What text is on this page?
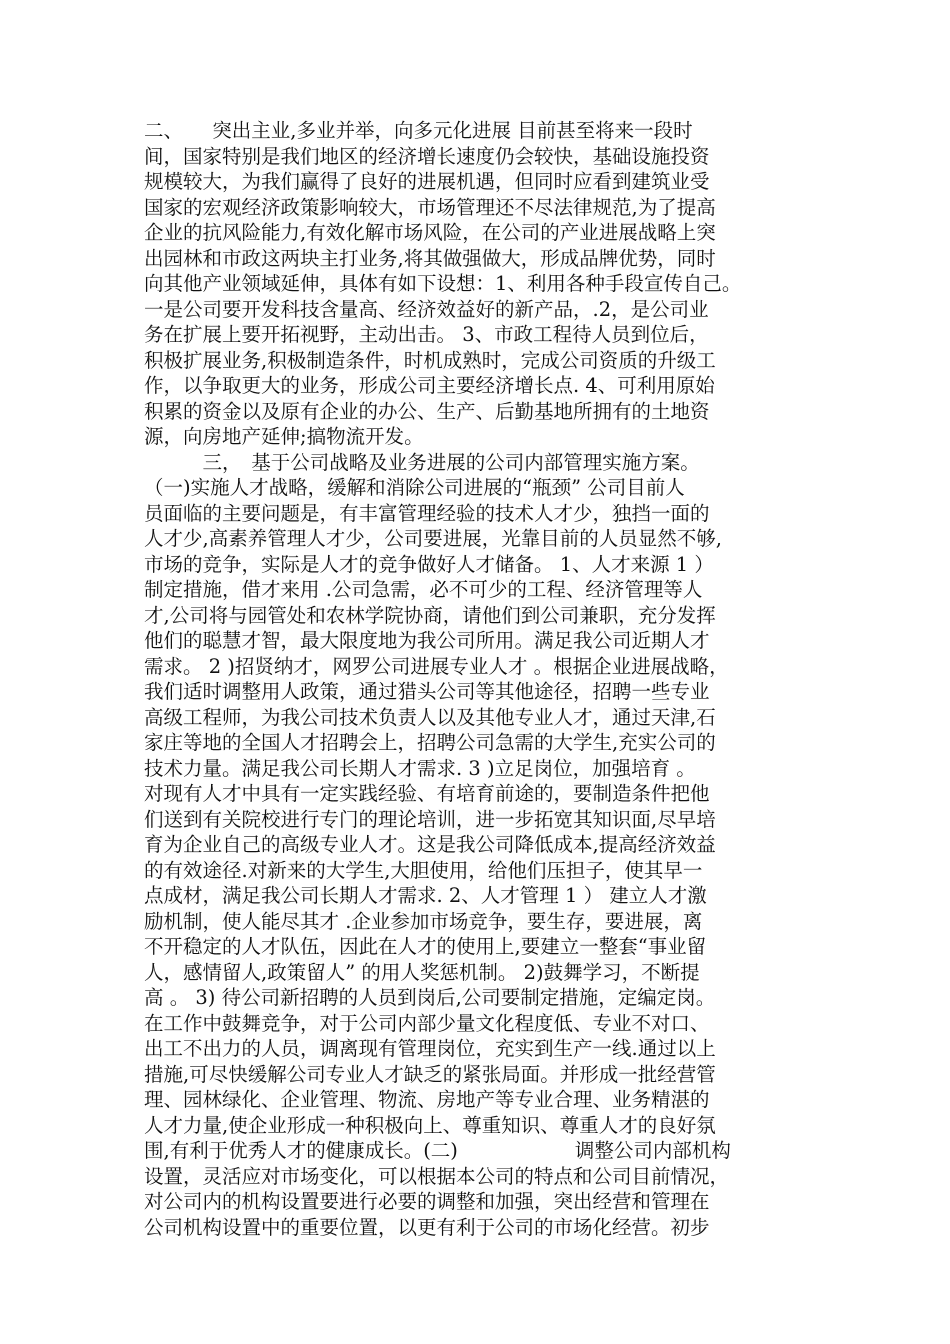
二、　　突出主业,多业并举，向多元化进展 目前甚至将来一段时
间，国家特别是我们地区的经济增长速度仍会较快，基础设施投资
规模较大，为我们赢得了良好的进展机遇，但同时应看到建筑业受
国家的宏观经济政策影响较大，市场管理还不尽法律规范,为了提高
企业的抗风险能力,有效化解市场风险，在公司的产业进展战略上突
出园林和市政这两块主打业务,将其做强做大，形成品牌优势，同时
向其他产业领域延伸，具体有如下设想：1、利用各种手段宣传自己。
一是公司要开发科技含量高、经济效益好的新产品，.2，是公司业
务在扩展上要开拓视野，主动出击。 3、市政工程待人员到位后，
积极扩展业务,积极制造条件，时机成熟时，完成公司资质的升级工
作，以争取更大的业务，形成公司主要经济增长点. 4、可利用原始
积累的资金以及原有企业的办公、生产、后勤基地所拥有的土地资
源，向房地产延伸;搞物流开发。
　　　三，　基于公司战略及业务进展的公司内部管理实施方案。
（一)实施人才战略，缓解和消除公司进展的“瓶颈” 公司目前人
员面临的主要问题是，有丰富管理经验的技术人才少，独挡一面的
人才少,高素养管理人才少，公司要进展，光靠目前的人员显然不够,
市场的竞争，实际是人才的竞争做好人才储备。 1、人才来源 1 ）
制定措施，借才来用 .公司急需，必不可少的工程、经济管理等人
才,公司将与园管处和农林学院协商，请他们到公司兼职，充分发挥
他们的聪慧才智，最大限度地为我公司所用。满足我公司近期人才
需求。 2 )招贤纳才，网罗公司进展专业人才 。根据企业进展战略，
我们适时调整用人政策，通过猎头公司等其他途径，招聘一些专业
高级工程师，为我公司技术负责人以及其他专业人才，通过天津,石
家庄等地的全国人才招聘会上，招聘公司急需的大学生,充实公司的
技术力量。满足我公司长期人才需求. 3 )立足岗位，加强培育 。
对现有人才中具有一定实践经验、有培育前途的，要制造条件把他
们送到有关院校进行专门的理论培训，进一步拓宽其知识面,尽早培
育为企业自己的高级专业人才。这是我公司降低成本,提高经济效益
的有效途径.对新来的大学生,大胆使用，给他们压担子，使其早一
点成材，满足我公司长期人才需求. 2、人才管理 1 ） 建立人才激
励机制，使人能尽其才 .企业参加市场竞争，要生存，要进展，离
不开稳定的人才队伍，因此在人才的使用上,要建立一整套“事业留
人，感情留人,政策留人” 的用人奖惩机制。 2)鼓舞学习，不断提
高 。 3) 待公司新招聘的人员到岗后,公司要制定措施，定编定岗。
在工作中鼓舞竞争，对于公司内部少量文化程度低、专业不对口、
出工不出力的人员，调离现有管理岗位，充实到生产一线.通过以上
措施,可尽快缓解公司专业人才缺乏的紧张局面。并形成一批经营管
理、园林绿化、企业管理、物流、房地产等专业合理、业务精湛的
人才力量,使企业形成一种积极向上、尊重知识、尊重人才的良好氛
围,有利于优秀人才的健康成长。(二)　　　　　　调整公司内部机构
设置，灵活应对市场变化，可以根据本公司的特点和公司目前情况，
对公司内的机构设置要进行必要的调整和加强，突出经营和管理在
公司机构设置中的重要位置，以更有利于公司的市场化经营。初步
